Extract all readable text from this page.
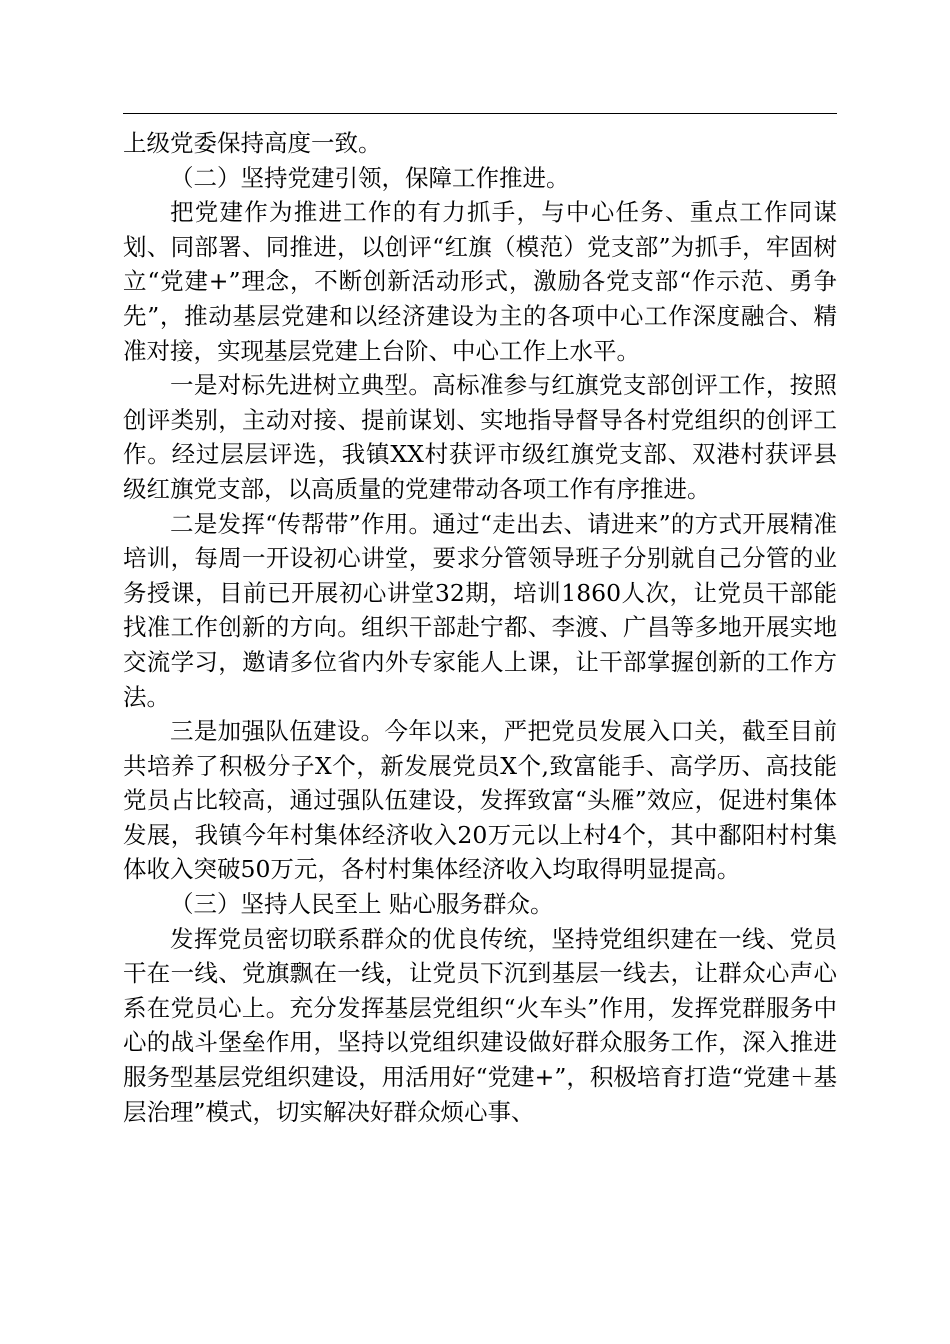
上级党委保持高度一致。

（二）坚持党建引领，保障工作推进。

把党建作为推进工作的有力抓手，与中心任务、重点工作同谋划、同部署、同推进，以创评“红旗（模范）党支部”为抓手，牢固树立“党建+”理念，不断创新活动形式，激励各党支部“作示范、勇争先”，推动基层党建和以经济建设为主的各项中心工作深度融合、精准对接，实现基层党建上台阶、中心工作上水平。

一是对标先进树立典型。高标准参与红旗党支部创评工作，按照创评类别，主动对接、提前谋划、实地指导督导各村党组织的创评工作。经过层层评选，我镇XX村获评市级红旗党支部、双港村获评县级红旗党支部，以高质量的党建带动各项工作有序推进。

二是发挥“传帮带”作用。通过“走出去、请进来”的方式开展精准培训，每周一开设初心讲堂，要求分管领导班子分别就自己分管的业务授课，目前已开展初心讲堂32期，培训1860人次，让党员干部能找准工作创新的方向。组织干部赴宁都、李渡、广昌等多地开展实地交流学习，邀请多位省内外专家能人上课，让干部掌握创新的工作方法。

三是加强队伍建设。今年以来，严把党员发展入口关，截至目前共培养了积极分子X个，新发展党员X个,致富能手、高学历、高技能党员占比较高，通过强队伍建设，发挥致富“头雁”效应，促进村集体发展，我镇今年村集体经济收入20万元以上村4个，其中鄱阳村村集体收入突破50万元，各村村集体经济收入均取得明显提高。

（三）坚持人民至上 贴心服务群众。

发挥党员密切联系群众的优良传统，坚持党组织建在一线、党员干在一线、党旗飘在一线，让党员下沉到基层一线去，让群众心声心系在党员心上。充分发挥基层党组织“火车头”作用，发挥党群服务中心的战斗堡垒作用，坚持以党组织建设做好群众服务工作，深入推进服务型基层党组织建设，用活用好“党建+”，积极培育打造“党建＋基层治理”模式，切实解决好群众烦心事、
